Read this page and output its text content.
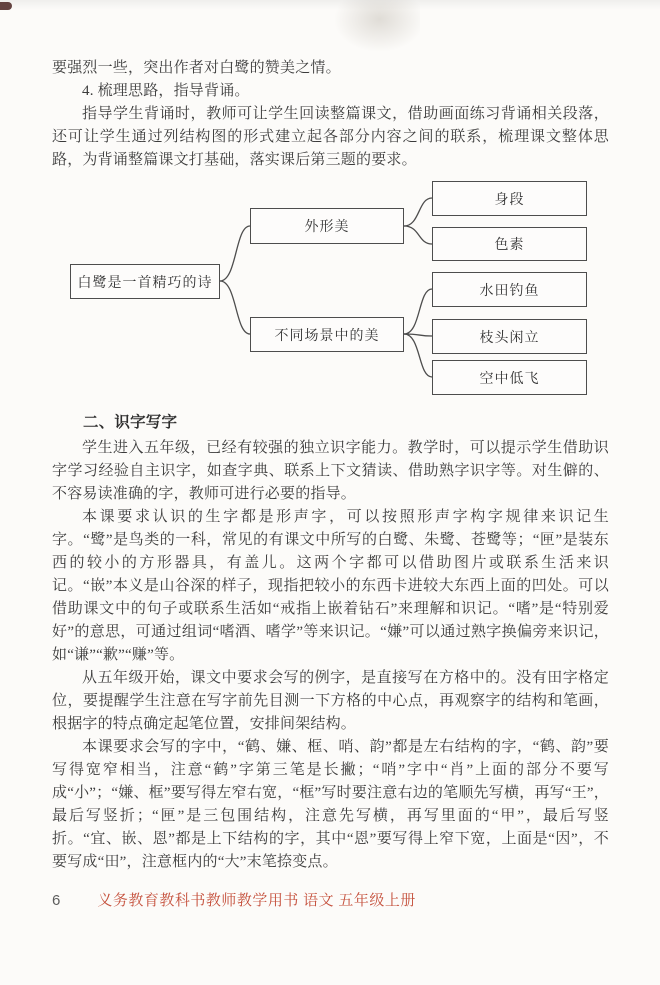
要强烈一些，突出作者对白鹭的赞美之情。

4. 梳理思路，指导背诵。

指导学生背诵时，教师可让学生回读整篇课文，借助画面练习背诵相关段落，还可让学生通过列结构图的形式建立起各部分内容之间的联系，梳理课文整体思路，为背诵整篇课文打基础，落实课后第三题的要求。

白鹭是一首精巧的诗
外形美
不同场景中的美
身段
色素
水田钓鱼
枝头闲立
空中低飞

二、识字写字

学生进入五年级，已经有较强的独立识字能力。教学时，可以提示学生借助识字学习经验自主识字，如查字典、联系上下文猜读、借助熟字识字等。对生僻的、不容易读准确的字，教师可进行必要的指导。

本课要求认识的生字都是形声字，可以按照形声字构字规律来识记生字。“鹭”是鸟类的一科，常见的有课文中所写的白鹭、朱鹭、苍鹭等；“匣”是装东西的较小的方形器具，有盖儿。这两个字都可以借助图片或联系生活来识记。“嵌”本义是山谷深的样子，现指把较小的东西卡进较大东西上面的凹处。可以借助课文中的句子或联系生活如“戒指上嵌着钻石”来理解和识记。“嗜”是“特别爱好”的意思，可通过组词“嗜酒、嗜学”等来识记。“嫌”可以通过熟字换偏旁来识记，如“谦”“歉”“赚”等。

从五年级开始，课文中要求会写的例字，是直接写在方格中的。没有田字格定位，要提醒学生注意在写字前先目测一下方格的中心点，再观察字的结构和笔画，根据字的特点确定起笔位置，安排间架结构。

本课要求会写的字中，“鹤、嫌、框、哨、韵”都是左右结构的字，“鹤、韵”要写得宽窄相当，注意“鹤”字第三笔是长撇；“哨”字中“肖”上面的部分不要写成“小”；“嫌、框”要写得左窄右宽，“框”写时要注意右边的笔顺先写横，再写“王”，最后写竖折；“匣”是三包围结构，注意先写横，再写里面的“甲”，最后写竖折。“宜、嵌、恩”都是上下结构的字，其中“恩”要写得上窄下宽，上面是“因”，不要写成“田”，注意框内的“大”末笔捺变点。

6 义务教育教科书教师教学用书 语文 五年级上册
